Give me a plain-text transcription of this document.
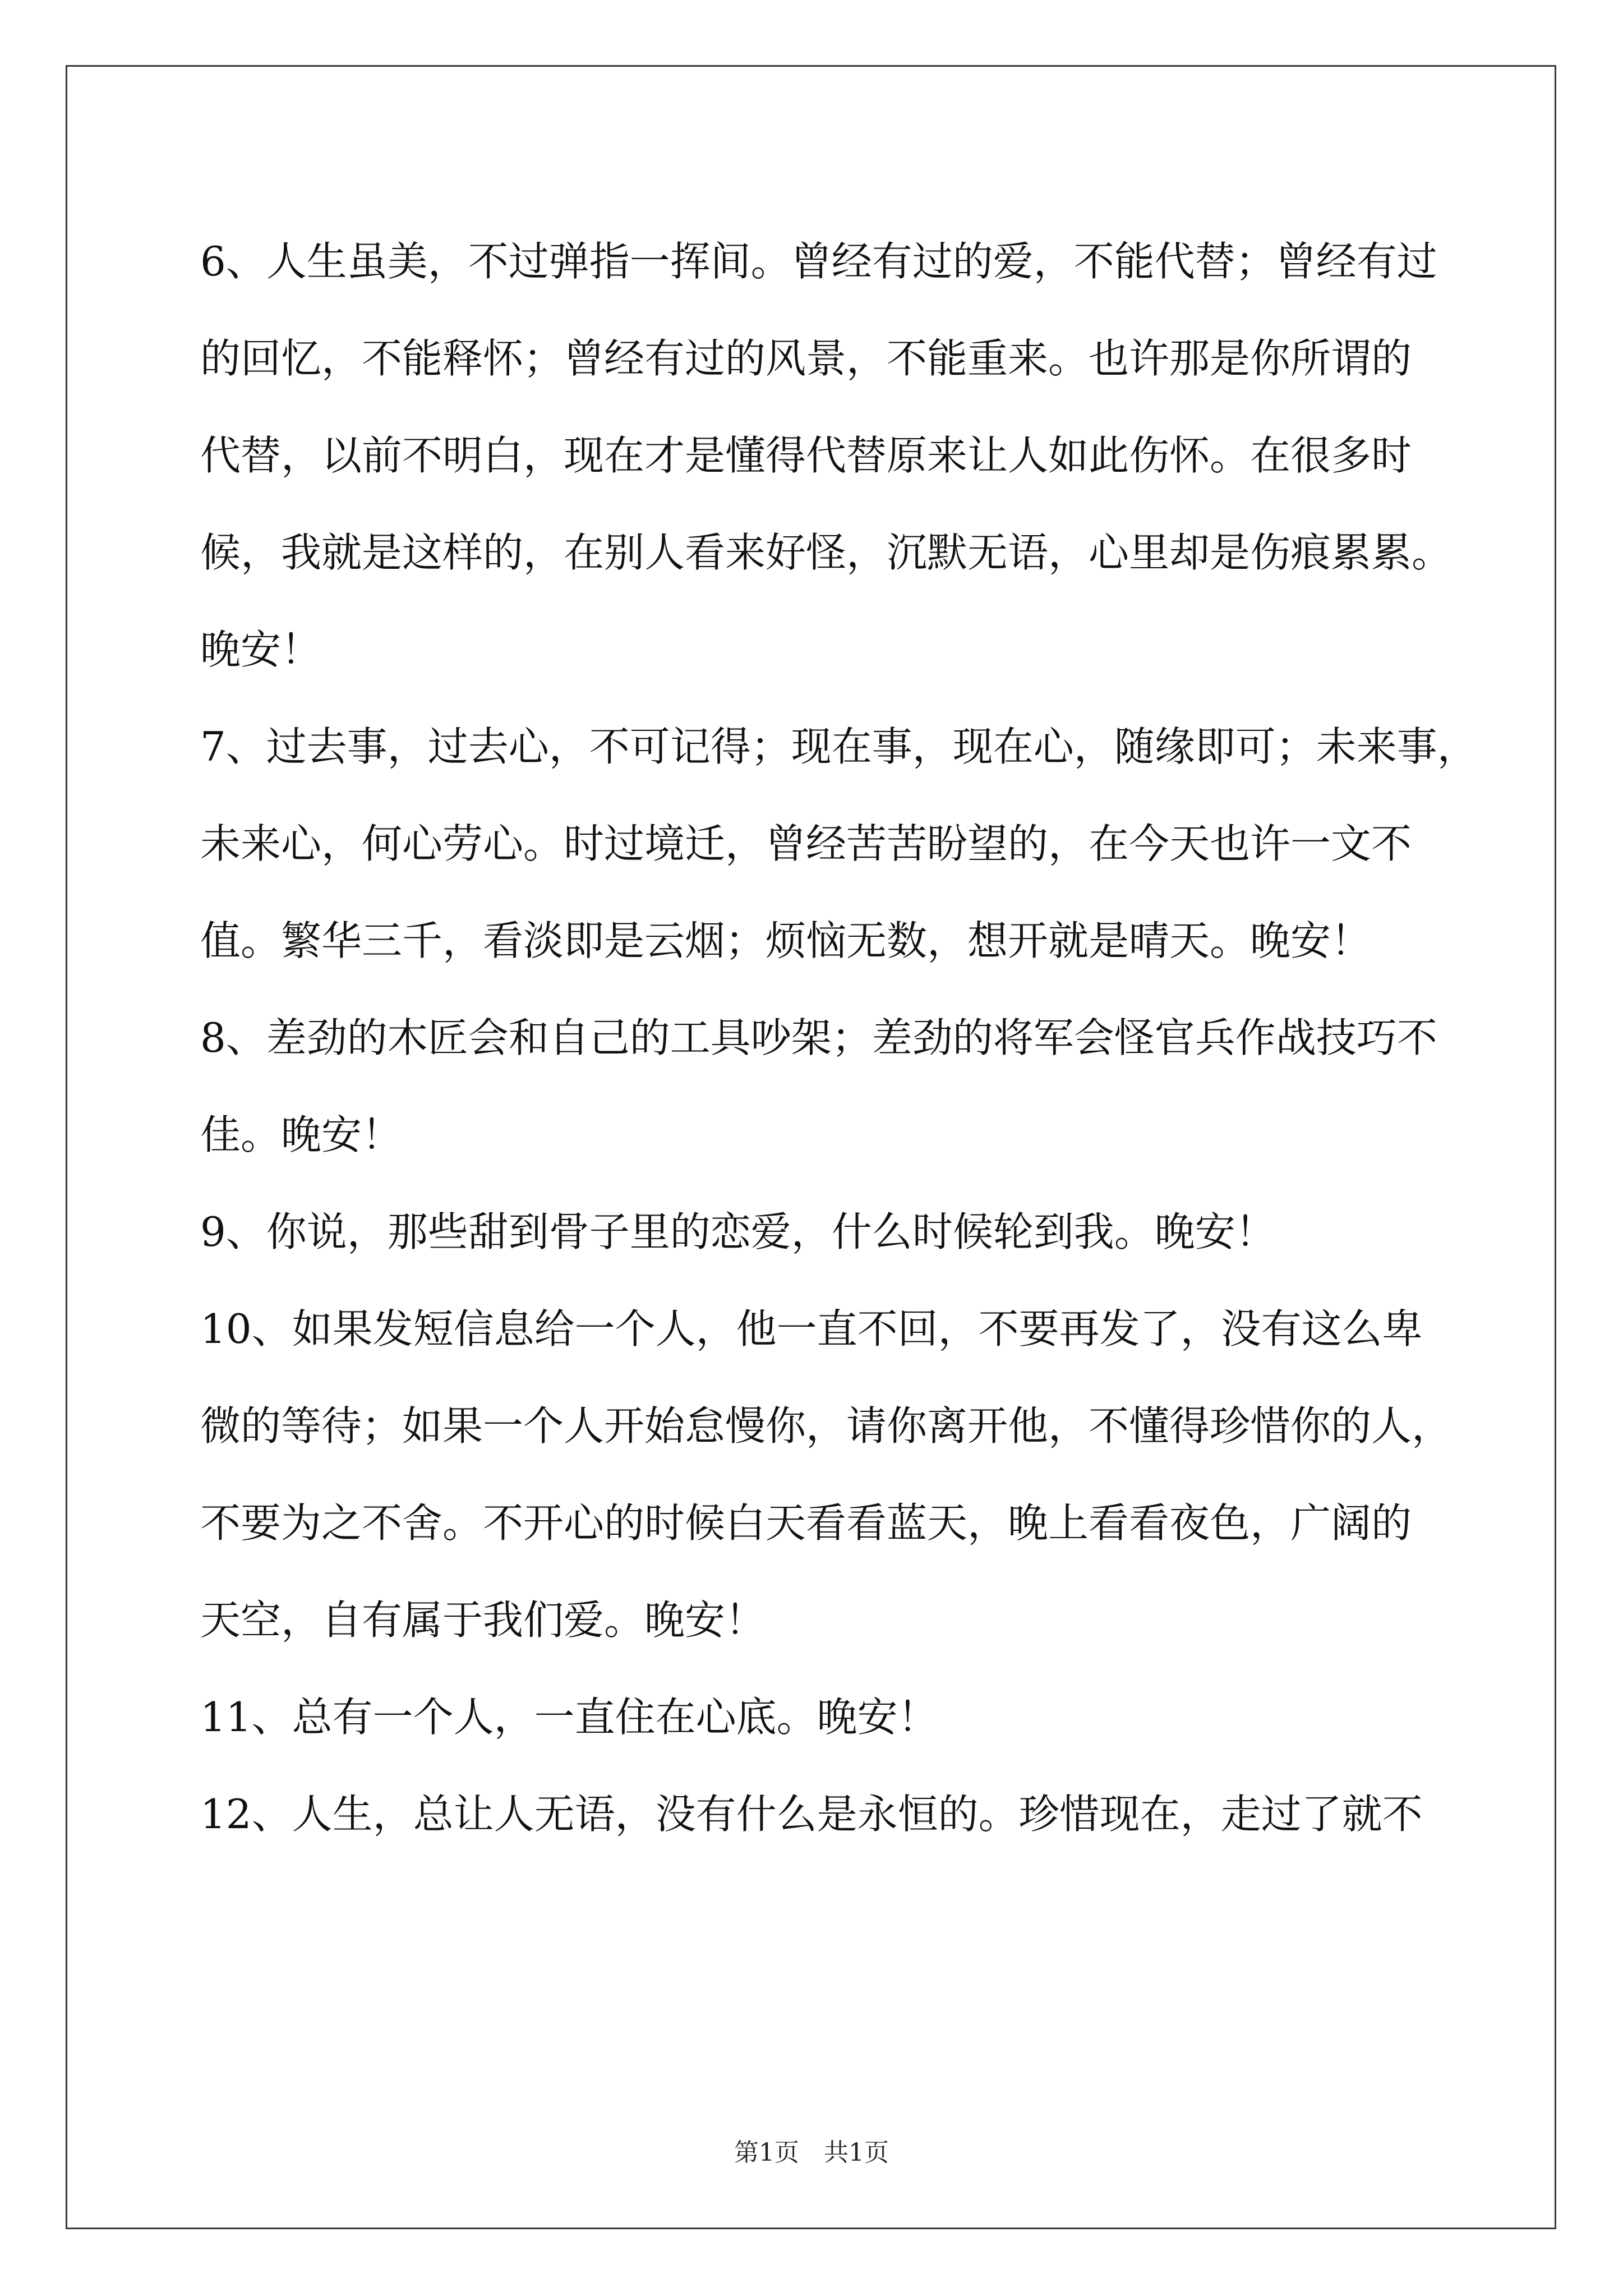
6、人生虽美，不过弹指一挥间。曾经有过的爱，不能代替；曾经有过
的回忆，不能释怀；曾经有过的风景，不能重来。也许那是你所谓的
代替，以前不明白，现在才是懂得代替原来让人如此伤怀。在很多时
候，我就是这样的，在别人看来好怪，沉默无语，心里却是伤痕累累。
晚安！
7、过去事，过去心，不可记得；现在事，现在心，随缘即可；未来事，
未来心，何心劳心。时过境迁，曾经苦苦盼望的，在今天也许一文不
值。繁华三千，看淡即是云烟；烦恼无数，想开就是晴天。晚安！
8、差劲的木匠会和自己的工具吵架；差劲的将军会怪官兵作战技巧不
佳。晚安！
9、你说，那些甜到骨子里的恋爱，什么时候轮到我。晚安！
10、如果发短信息给一个人，他一直不回，不要再发了，没有这么卑
微的等待；如果一个人开始怠慢你，请你离开他，不懂得珍惜你的人，
不要为之不舍。不开心的时候白天看看蓝天，晚上看看夜色，广阔的
天空，自有属于我们爱。晚安！
11、总有一个人，一直住在心底。晚安！
12、人生，总让人无语，没有什么是永恒的。珍惜现在，走过了就不
第1页　共1页
